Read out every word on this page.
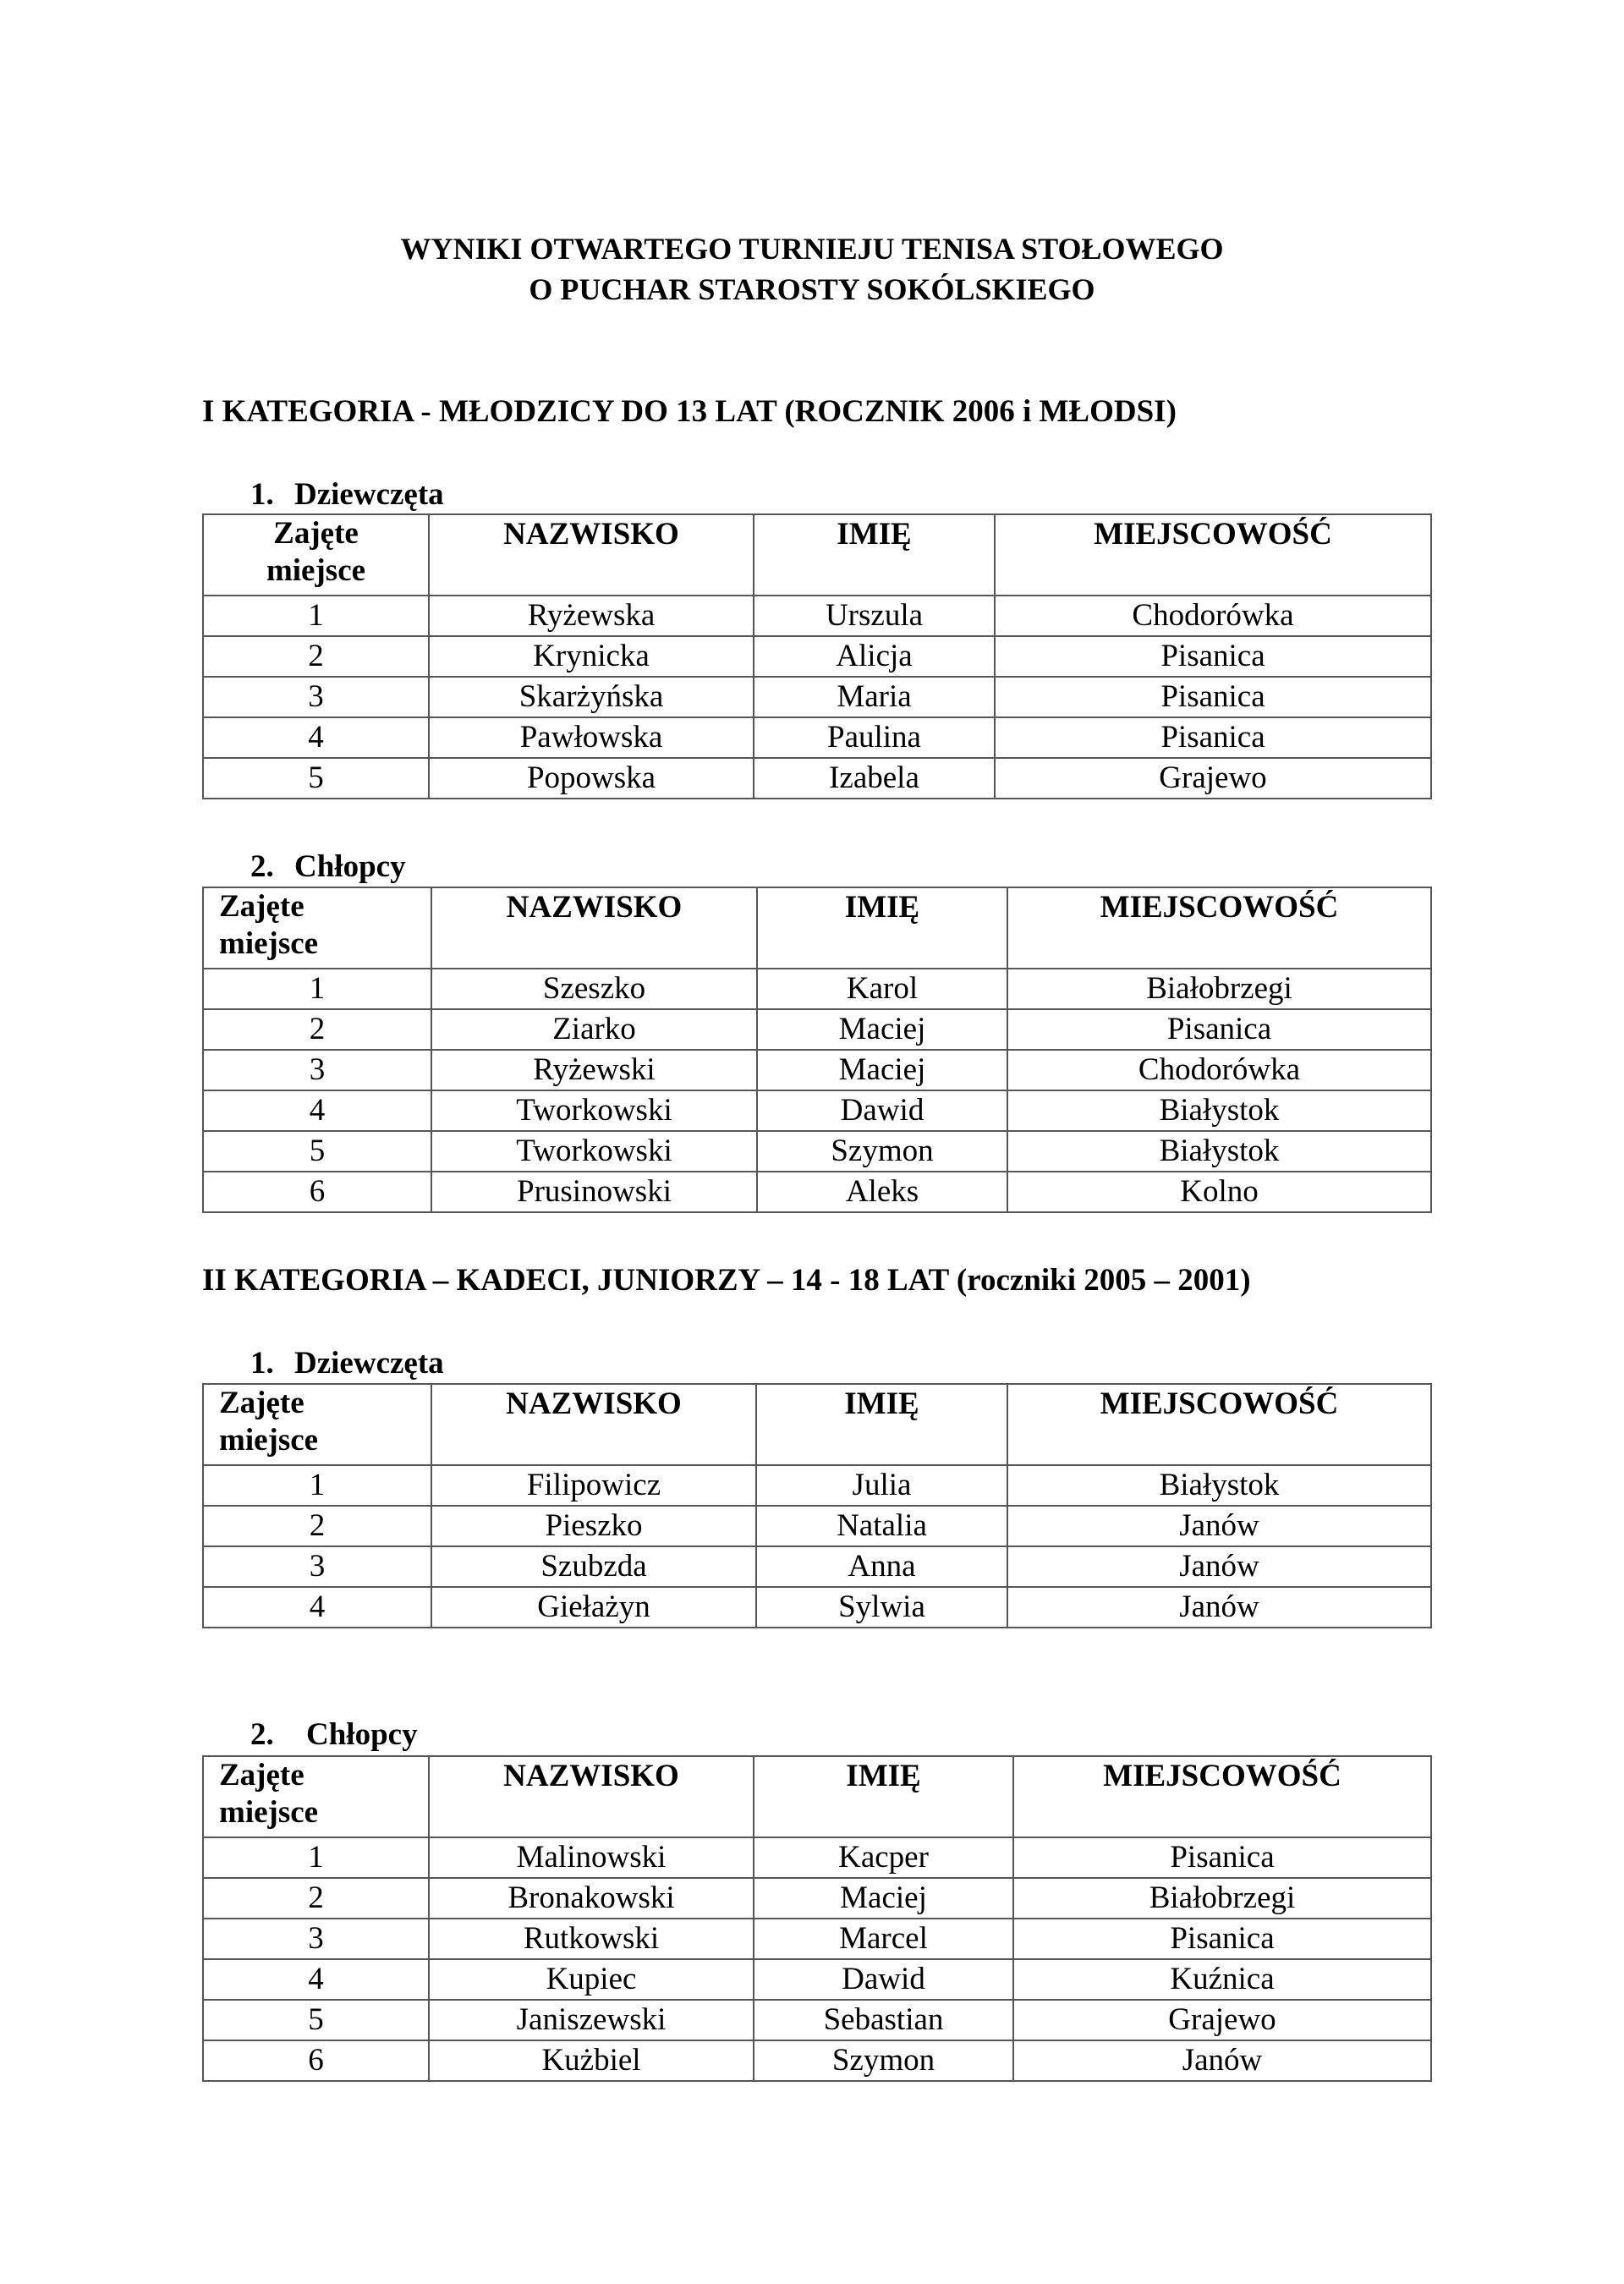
WYNIKI OTWARTEGO TURNIEJU TENISA STOŁOWEGO
O PUCHAR STAROSTY SOKÓLSKIEGO
I KATEGORIA - MŁODZICY DO 13 LAT (ROCZNIK 2006 i MŁODSI)
1. Dziewczęta
Zajęte
miejsce	NAZWISKO	IMIĘ	MIEJSCOWOŚĆ
1	Ryżewska	Urszula	Chodorówka
2	Krynicka	Alicja	Pisanica
3	Skarżyńska	Maria	Pisanica
4	Pawłowska	Paulina	Pisanica
5	Popowska	Izabela	Grajewo
2. Chłopcy
Zajęte
miejsce	NAZWISKO	IMIĘ	MIEJSCOWOŚĆ
1	Szeszko	Karol	Białobrzegi
2	Ziarko	Maciej	Pisanica
3	Ryżewski	Maciej	Chodorówka
4	Tworkowski	Dawid	Białystok
5	Tworkowski	Szymon	Białystok
6	Prusinowski	Aleks	Kolno
II KATEGORIA – KADECI, JUNIORZY – 14 - 18 LAT (roczniki 2005 – 2001)
1. Dziewczęta
Zajęte
miejsce	NAZWISKO	IMIĘ	MIEJSCOWOŚĆ
1	Filipowicz	Julia	Białystok
2	Pieszko	Natalia	Janów
3	Szubzda	Anna	Janów
4	Giełażyn	Sylwia	Janów
2. Chłopcy
Zajęte
miejsce	NAZWISKO	IMIĘ	MIEJSCOWOŚĆ
1	Malinowski	Kacper	Pisanica
2	Bronakowski	Maciej	Białobrzegi
3	Rutkowski	Marcel	Pisanica
4	Kupiec	Dawid	Kuźnica
5	Janiszewski	Sebastian	Grajewo
6	Kużbiel	Szymon	Janów
